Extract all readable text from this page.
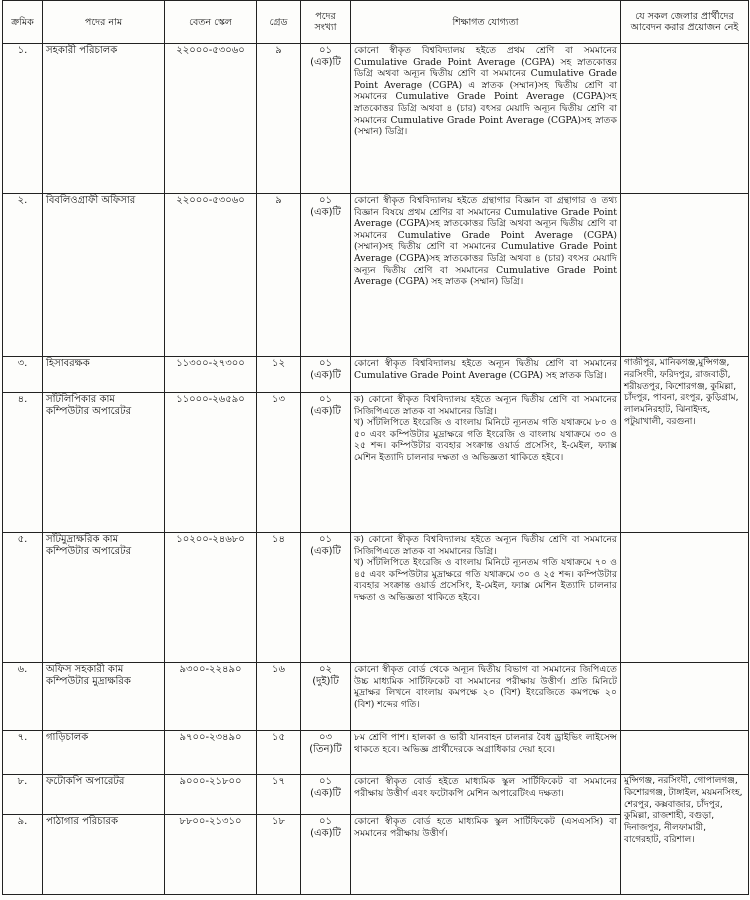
ক্রমিক	পদের নাম	বেতন স্কেল	গ্রেড	পদের সংখ্যা	শিক্ষাগত যোগ্যতা	যে সকল জেলার প্রার্থীদের আবেদন করার প্রয়োজন নেই
১.	সহকারী পরিচালক	২২০০০-৫৩০৬০	৯	০১
(এক)টি	কোনো স্বীকৃত বিশ্ববিদ্যালয় হইতে প্রথম শ্রেণি বা সমমানের Cumulative Grade Point Average (CGPA) সহ স্নাতকোত্তর ডিগ্রি অথবা অন্যূন দ্বিতীয় শ্রেণি বা সমমানের Cumulative Grade Point Average (CGPA) এ স্নাতক (সম্মান)সহ দ্বিতীয় শ্রেণি বা সমমানের Cumulative Grade Point Average (CGPA)সহ স্নাতকোত্তর ডিগ্রি অথবা ৪ (চার) বৎসর মেয়াদি অন্যূন দ্বিতীয় শ্রেণি বা সমমানের Cumulative Grade Point Average (CGPA)সহ স্নাতক (সম্মান) ডিগ্রি।	
২.	বিবলিওগ্রাফী অফিসার	২২০০০-৫৩০৬০	৯	০১
(এক)টি	কোনো স্বীকৃত বিশ্ববিদ্যালয় হইতে গ্রন্থাগার বিজ্ঞান বা গ্রন্থাগার ও তথ্য বিজ্ঞান বিষয়ে প্রথম শ্রেণির বা সমমানের Cumulative Grade Point Average (CGPA)সহ স্নাতকোত্তর ডিগ্রি অথবা অন্যূন দ্বিতীয় শ্রেণি বা সমমানের Cumulative Grade Point Average (CGPA) (সম্মান)সহ দ্বিতীয় শ্রেণি বা সমমানের Cumulative Grade Point Average (CGPA)সহ স্নাতকোত্তর ডিগ্রি অথবা ৪ (চার) বৎসর মেয়াদি অন্যূন দ্বিতীয় শ্রেণি বা সমমানের Cumulative Grade Point Average (CGPA) সহ স্নাতক (সম্মান) ডিগ্রি।	
৩.	হিসাবরক্ষক	১১৩০০-২৭৩০০	১২	০১
(এক)টি	কোনো স্বীকৃত বিশ্ববিদ্যালয় হইতে অন্যূন দ্বিতীয় শ্রেণি বা সমমানের Cumulative Grade Point Average (CGPA) সহ স্নাতক ডিগ্রি।	গাজীপুর, মানিকগঞ্জ,মুন্সিগঞ্জ, নরসিংদী, ফরিদপুর, রাজবাড়ী, শরীয়তপুর, কিশোরগঞ্জ, কুমিল্লা, চাঁদপুর, পাবনা, রংপুর, কুড়িগ্রাম, লালমনিরহাট, ঝিনাইদহ, পটুয়াখালী, বরগুনা।
৪.	সাঁটলিপিকার কাম কম্পিউটার অপারেটর	১১০০০-২৬৫৯০	১৩	০১
(এক)টি	ক) কোনো স্বীকৃত বিশ্ববিদ্যালয় হইতে অন্যূন দ্বিতীয় শ্রেণি বা সমমানের সিজিপিএতে স্নাতক বা সমমানের ডিগ্রি।
খ) সাঁটলিপিতে ইংরেজি ও বাংলায় মিনিটে ন্যূনতম গতি যথাক্রমে ৮০ ও ৫০ এবং কম্পিউটার মুদ্রাক্ষরে গতি ইংরেজি ও বাংলায় যথাক্রমে ৩০ ও ২৫ শব্দ। কম্পিউটার ব্যবহার সংক্রান্ত ওয়ার্ড প্রসেসিং, ই-মেইল, ফ্যাক্স মেশিন ইত্যাদি চালনার দক্ষতা ও অভিজ্ঞতা থাকিতে হইবে।	

৫.	সাঁটমুদ্রাক্ষরিক কাম কম্পিউটার অপারেটর	১০২০০-২৪৬৮০	১৪	০১
(এক)টি	ক) কোনো স্বীকৃত বিশ্ববিদ্যালয় হইতে অন্যূন দ্বিতীয় শ্রেণি বা সমমানের সিজিপিএতে স্নাতক বা সমমানের ডিগ্রি।
খ) সাঁটলিপিতে ইংরেজি ও বাংলায় মিনিটে ন্যূনতম গতি যথাক্রমে ৭০ ও ৪৫ এবং কম্পিউটার মুদ্রাক্ষরে গতি যথাক্রমে ৩০ ও ২৫ শব্দ। কম্পিউটার ব্যবহার সংক্রান্ত ওয়ার্ড প্রসেসিং, ই-মেইল, ফ্যাক্স মেশিন ইত্যাদি চালনার দক্ষতা ও অভিজ্ঞতা থাকিতে হইবে।	

৬.	অফিস সহকারী কাম কম্পিউটার মুদ্রাক্ষরিক	৯৩০০-২২৪৯০	১৬	০২
(দুই)টি	কোনো স্বীকৃত বোর্ড থেকে অন্যূন দ্বিতীয় বিভাগ বা সমমানের জিপিএতে উচ্চ মাধ্যমিক সার্টিফিকেট বা সমমানের পরীক্ষায় উত্তীর্ণ। প্রতি মিনিটে মুদ্রাক্ষর লিখনে বাংলায় কমপক্ষে ২০ (বিশ) ইংরেজিতে কমপক্ষে ২০ (বিশ) শব্দের গতি।	
৭.	গাড়িচালক	৯৭০০-২৩৪৯০	১৫	০৩
(তিন)টি	৮ম শ্রেণি পাশ। হালকা ও ভারী যানবাহন চালনার বৈধ ড্রাইভিং লাইসেন্স থাকতে হবে। অভিজ্ঞ প্রার্থীদেরকে অগ্রাধিকার দেয়া হবে।	
৮.	ফটোকপি অপারেটর	৯০০০-২১৮০০	১৭	০১
(এক)টি	কোনো স্বীকৃত বোর্ড হইতে মাধ্যমিক স্কুল সার্টিফিকেট বা সমমানের পরীক্ষায় উত্তীর্ণ এবং ফটোকপি মেশিন অপারেটিংএ দক্ষতা।	মুন্সিগঞ্জ, নরসিংদী, গোপালগঞ্জ, কিশোরগঞ্জ, টাঙ্গাইল, ময়মনসিংহ, শেরপুর, কক্সবাজার, চাঁদপুর, কুমিল্লা, রাজশাহী, বগুড়া, দিনাজপুর, নীলফামারী, বাগেরহাট, বরিশাল।
৯.	পাঠাগার পরিচারক	৮৮০০-২১৩১০	১৮	০১
(এক)টি	কোনো স্বীকৃত বোর্ড হতে মাধ্যমিক স্কুল সার্টিফিকেট (এসএসসি) বা সমমানের পরীক্ষায় উত্তীর্ণ।	
